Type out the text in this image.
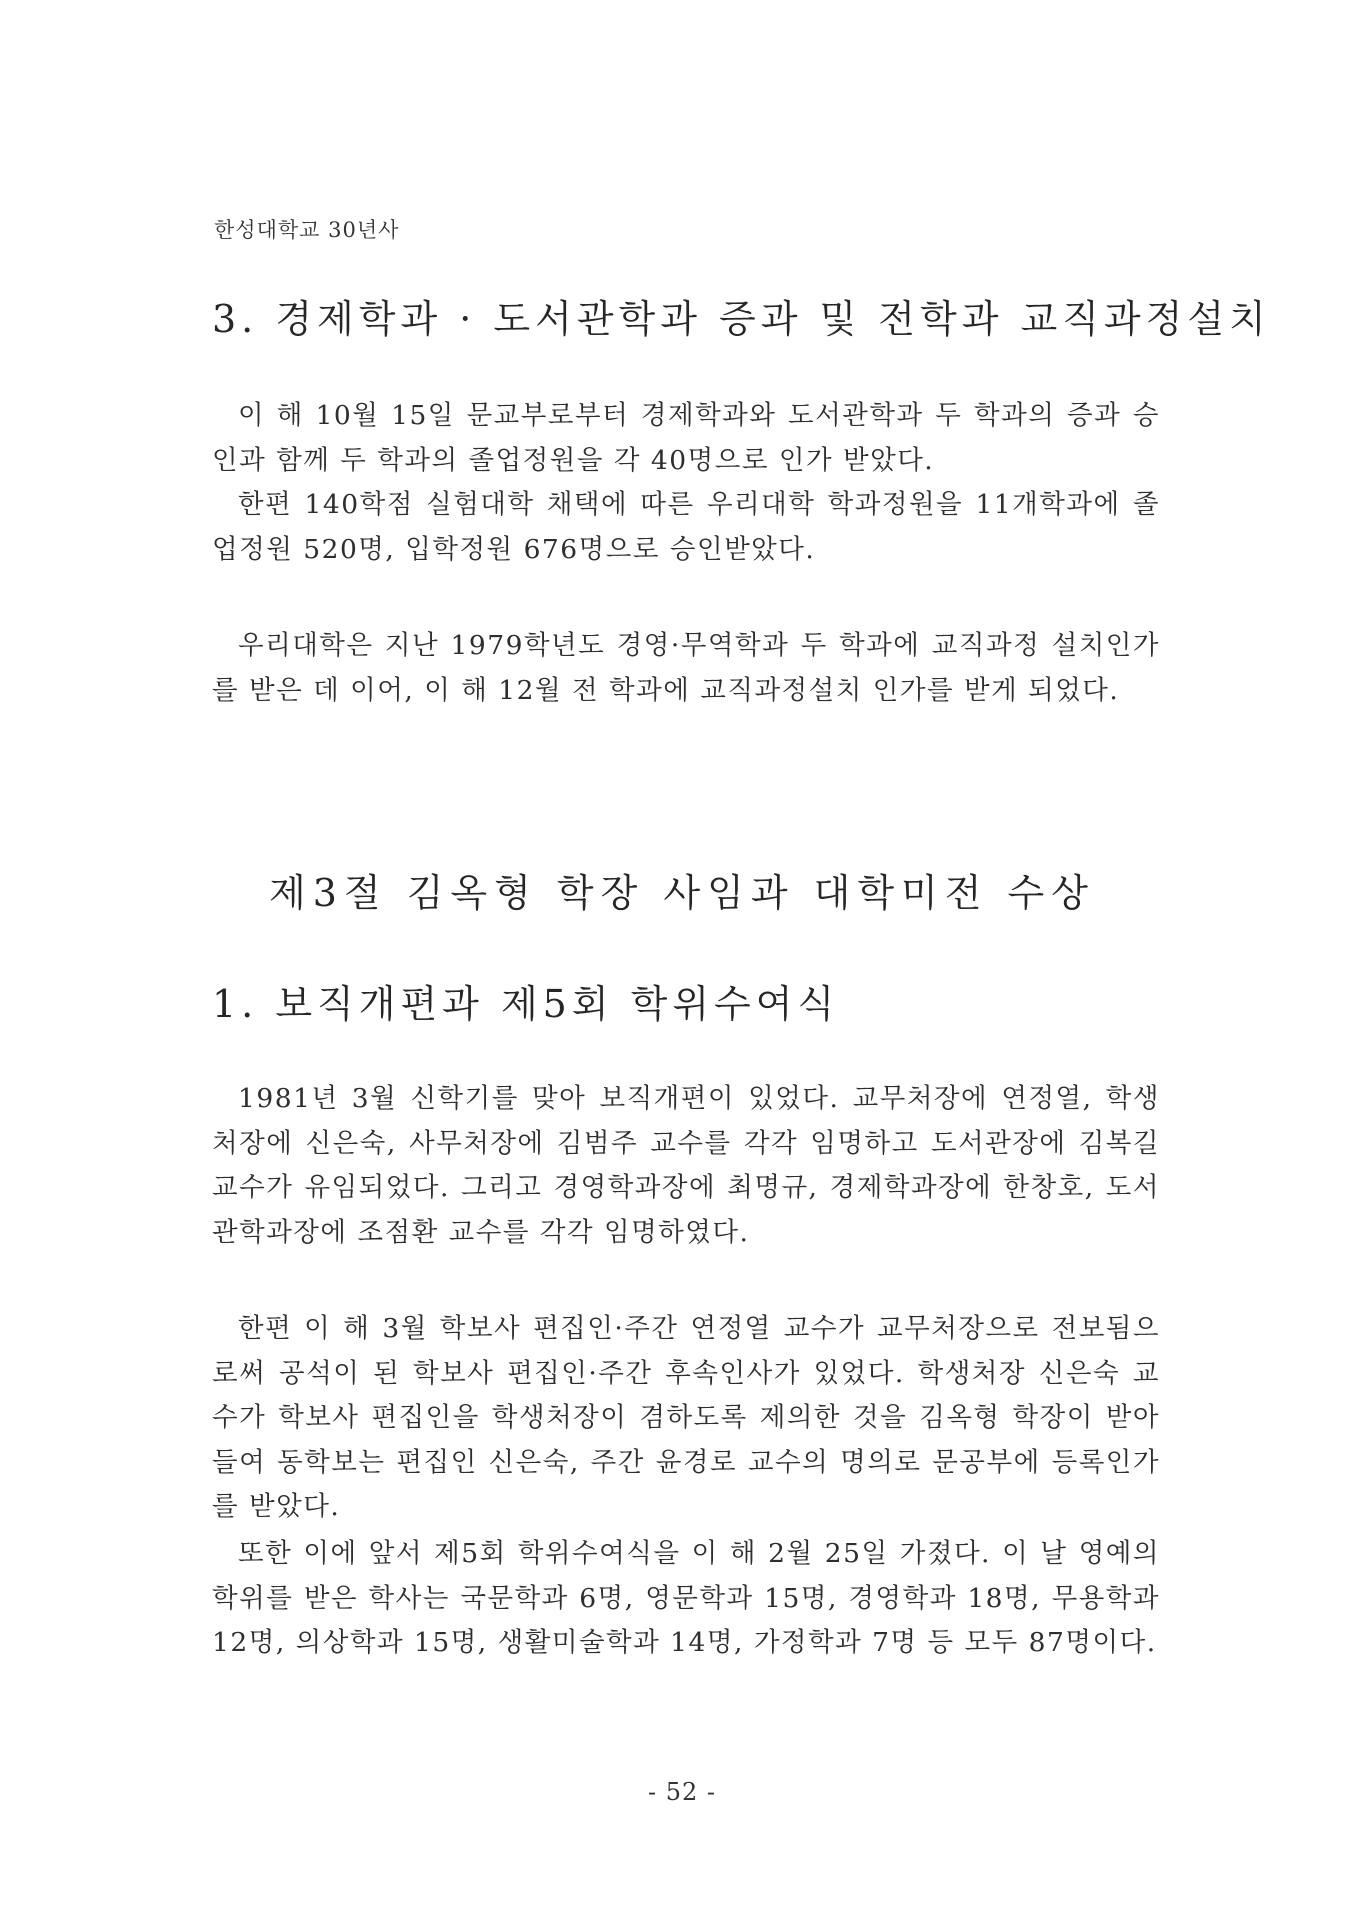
한성대학교 30년사
3. 경제학과 · 도서관학과 증과 및 전학과 교직과정설치

이 해 10월 15일 문교부로부터 경제학과와 도서관학과 두 학과의 증과 승인과 함께 두 학과의 졸업정원을 각 40명으로 인가 받았다.

한편 140학점 실험대학 채택에 따른 우리대학 학과정원을 11개학과에 졸업정원 520명, 입학정원 676명으로 승인받았다.

우리대학은 지난 1979학년도 경영·무역학과 두 학과에 교직과정 설치인가를 받은 데 이어, 이 해 12월 전 학과에 교직과정설치 인가를 받게 되었다.

제3절 김옥형 학장 사임과 대학미전 수상
1. 보직개편과 제5회 학위수여식

1981년 3월 신학기를 맞아 보직개편이 있었다. 교무처장에 연정열, 학생처장에 신은숙, 사무처장에 김범주 교수를 각각 임명하고 도서관장에 김복길 교수가 유임되었다. 그리고 경영학과장에 최명규, 경제학과장에 한창호, 도서관학과장에 조점환 교수를 각각 임명하였다.

한편 이 해 3월 학보사 편집인·주간 연정열 교수가 교무처장으로 전보됨으로써 공석이 된 학보사 편집인·주간 후속인사가 있었다. 학생처장 신은숙 교수가 학보사 편집인을 학생처장이 겸하도록 제의한 것을 김옥형 학장이 받아들여 동학보는 편집인 신은숙, 주간 윤경로 교수의 명의로 문공부에 등록인가를 받았다.

또한 이에 앞서 제5회 학위수여식을 이 해 2월 25일 가졌다. 이 날 영예의 학위를 받은 학사는 국문학과 6명, 영문학과 15명, 경영학과 18명, 무용학과 12명, 의상학과 15명, 생활미술학과 14명, 가정학과 7명 등 모두 87명이다.

- 52 -
